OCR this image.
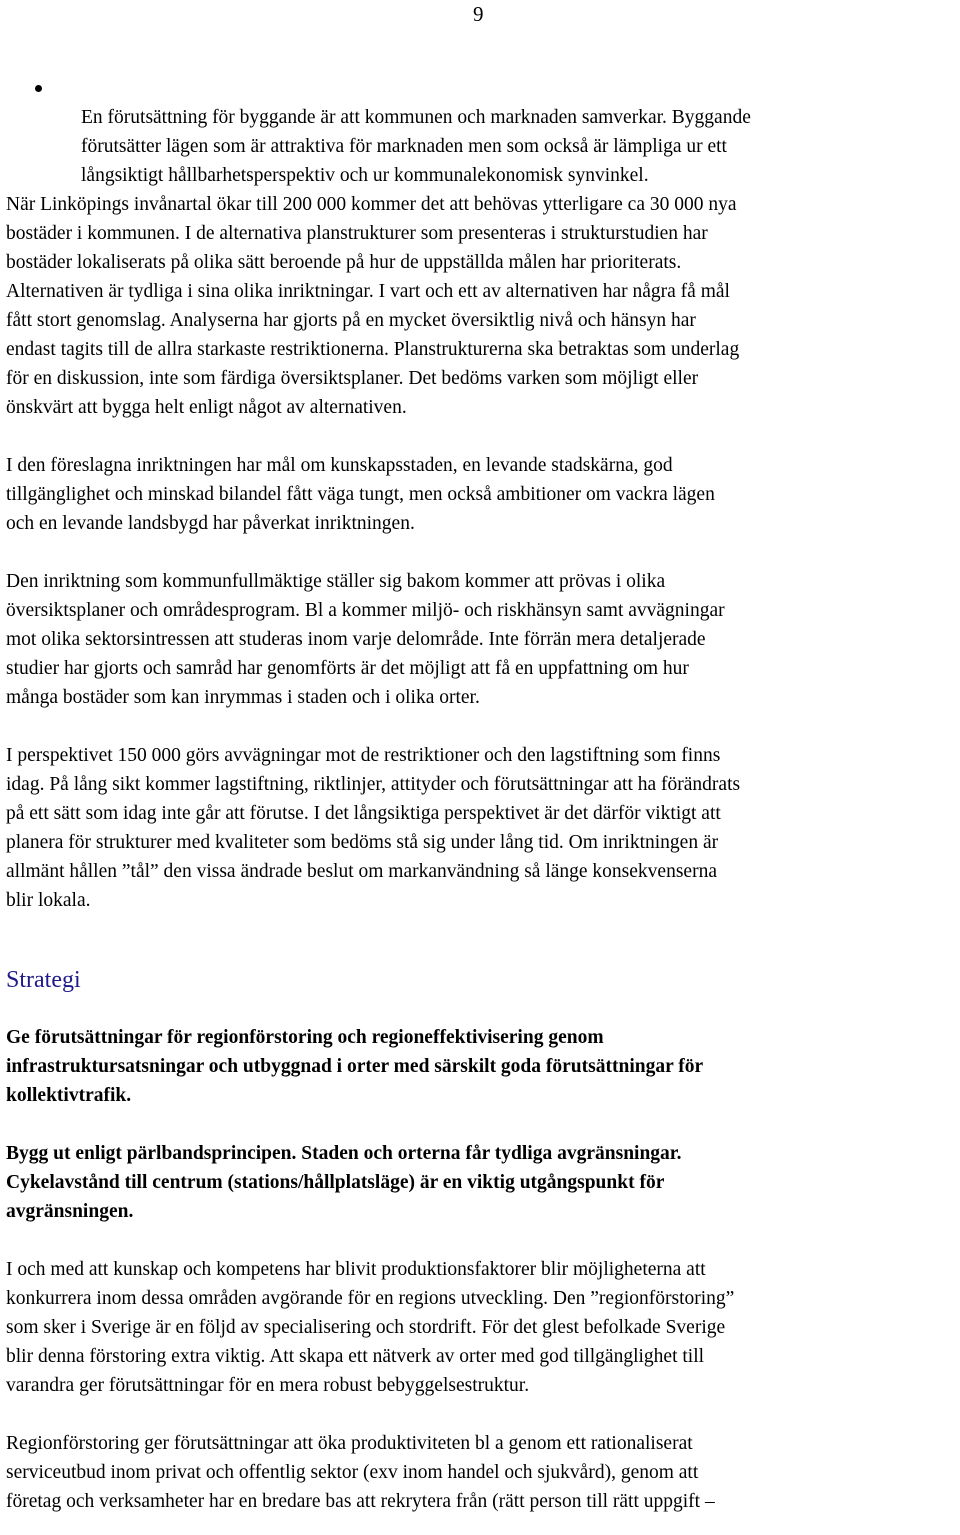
9

En förutsättning för byggande är att kommunen och marknaden samverkar. Byggande
förutsätter lägen som är attraktiva för marknaden men som också är lämpliga ur ett
långsiktigt hållbarhetsperspektiv och ur kommunalekonomisk synvinkel.

När Linköpings invånartal ökar till 200 000 kommer det att behövas ytterligare ca 30 000 nya
bostäder i kommunen. I de alternativa planstrukturer som presenteras i strukturstudien har
bostäder lokaliserats på olika sätt beroende på hur de uppställda målen har prioriterats.
Alternativen är tydliga i sina olika inriktningar. I vart och ett av alternativen har några få mål
fått stort genomslag. Analyserna har gjorts på en mycket översiktlig nivå och hänsyn har
endast tagits till de allra starkaste restriktionerna. Planstrukturerna ska betraktas som underlag
för en diskussion, inte som färdiga översiktsplaner. Det bedöms varken som möjligt eller
önskvärt att bygga helt enligt något av alternativen.

I den föreslagna inriktningen har mål om kunskapsstaden, en levande stadskärna, god
tillgänglighet och minskad bilandel fått väga tungt, men också ambitioner om vackra lägen
och en levande landsbygd har påverkat inriktningen.

Den inriktning som kommunfullmäktige ställer sig bakom kommer att prövas i olika
översiktsplaner och områdesprogram. Bl a kommer miljö- och riskhänsyn samt avvägningar
mot olika sektorsintressen att studeras inom varje delområde. Inte förrän mera detaljerade
studier har gjorts och samråd har genomförts är det möjligt att få en uppfattning om hur
många bostäder som kan inrymmas i staden och i olika orter.

I perspektivet 150 000 görs avvägningar mot de restriktioner och den lagstiftning som finns
idag. På lång sikt kommer lagstiftning, riktlinjer, attityder och förutsättningar att ha förändrats
på ett sätt som idag inte går att förutse. I det långsiktiga perspektivet är det därför viktigt att
planera för strukturer med kvaliteter som bedöms stå sig under lång tid. Om inriktningen är
allmänt hållen ”tål” den vissa ändrade beslut om markanvändning så länge konsekvenserna
blir lokala.

Strategi

Ge förutsättningar för regionförstoring och regioneffektivisering genom
infrastruktursatsningar och utbyggnad i orter med särskilt goda förutsättningar för
kollektivtrafik.

Bygg ut enligt pärlbandsprincipen. Staden och orterna får tydliga avgränsningar.
Cykelavstånd till centrum (stations/hållplatsläge) är en viktig utgångspunkt för
avgränsningen.

I och med att kunskap och kompetens har blivit produktionsfaktorer blir möjligheterna att
konkurrera inom dessa områden avgörande för en regions utveckling. Den ”regionförstoring”
som sker i Sverige är en följd av specialisering och stordrift. För det glest befolkade Sverige
blir denna förstoring extra viktig. Att skapa ett nätverk av orter med god tillgänglighet till
varandra ger förutsättningar för en mera robust bebyggelsestruktur.

Regionförstoring ger förutsättningar att öka produktiviteten bl a genom ett rationaliserat
serviceutbud inom privat och offentlig sektor (exv inom handel och sjukvård), genom att
företag och verksamheter har en bredare bas att rekrytera från (rätt person till rätt uppgift –
